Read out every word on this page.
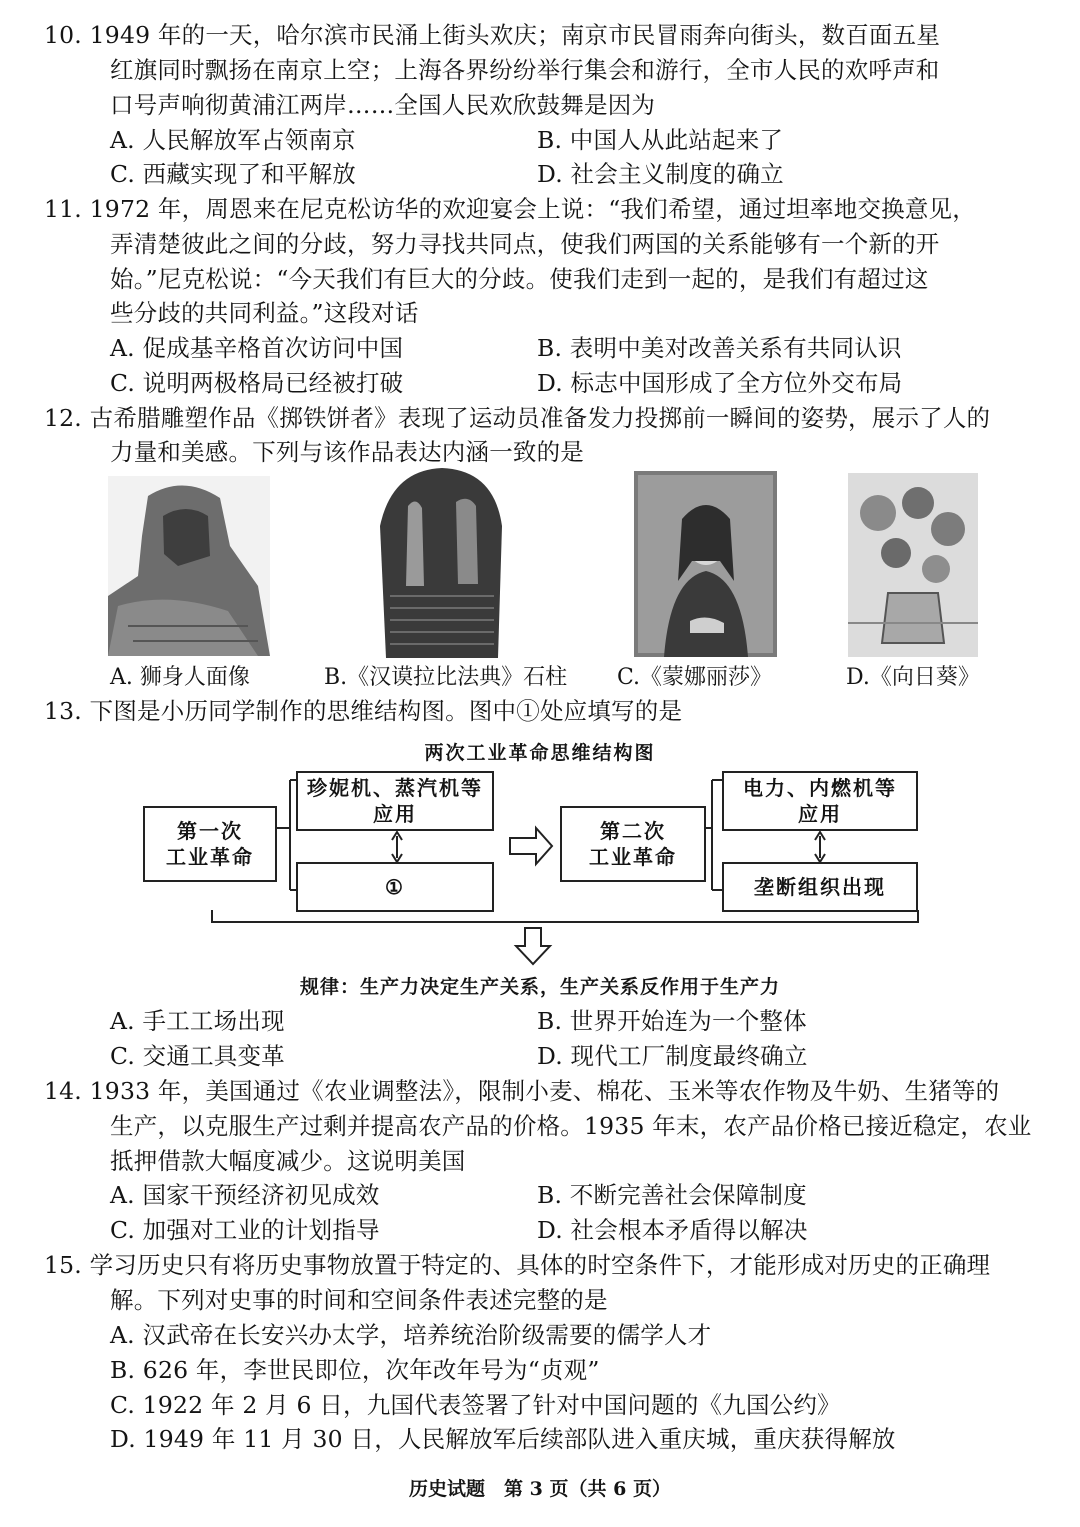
10. 1949 年的一天，哈尔滨市民涌上街头欢庆；南京市民冒雨奔向街头，数百面五星
红旗同时飘扬在南京上空；上海各界纷纷举行集会和游行，全市人民的欢呼声和
口号声响彻黄浦江两岸……全国人民欢欣鼓舞是因为
A. 人民解放军占领南京	B. 中国人从此站起来了
C. 西藏实现了和平解放	D. 社会主义制度的确立
11. 1972 年，周恩来在尼克松访华的欢迎宴会上说：“我们希望，通过坦率地交换意见，
弄清楚彼此之间的分歧，努力寻找共同点，使我们两国的关系能够有一个新的开
始。”尼克松说：“今天我们有巨大的分歧。使我们走到一起的，是我们有超过这
些分歧的共同利益。”这段对话
A. 促成基辛格首次访问中国	B. 表明中美对改善关系有共同认识
C. 说明两极格局已经被打破	D. 标志中国形成了全方位外交布局
12. 古希腊雕塑作品《掷铁饼者》表现了运动员准备发力投掷前一瞬间的姿势，展示了人的
力量和美感。下列与该作品表达内涵一致的是
A. 狮身人面像	B.《汉谟拉比法典》石柱 C.《蒙娜丽莎》	D.《向日葵》
13. 下图是小历同学制作的思维结构图。图中①处应填写的是
两次工业革命思维结构图
第一次
工业革命
珍妮机、蒸汽机等
应用
①
第二次
工业革命
电力、内燃机等
应用
垄断组织出现
规律：生产力决定生产关系，生产关系反作用于生产力
A. 手工工场出现	B. 世界开始连为一个整体
C. 交通工具变革	D. 现代工厂制度最终确立
14. 1933 年，美国通过《农业调整法》，限制小麦、棉花、玉米等农作物及牛奶、生猪等的
生产，以克服生产过剩并提高农产品的价格。1935 年末，农产品价格已接近稳定，农业
抵押借款大幅度减少。这说明美国
A. 国家干预经济初见成效	B. 不断完善社会保障制度
C. 加强对工业的计划指导	D. 社会根本矛盾得以解决
15. 学习历史只有将历史事物放置于特定的、具体的时空条件下，才能形成对历史的正确理
解。下列对史事的时间和空间条件表述完整的是
A. 汉武帝在长安兴办太学，培养统治阶级需要的儒学人才
B. 626 年，李世民即位，次年改年号为“贞观”
C. 1922 年 2 月 6 日，九国代表签署了针对中国问题的《九国公约》
D. 1949 年 11 月 30 日，人民解放军后续部队进入重庆城，重庆获得解放
历史试题　第 3 页（共 6 页）
